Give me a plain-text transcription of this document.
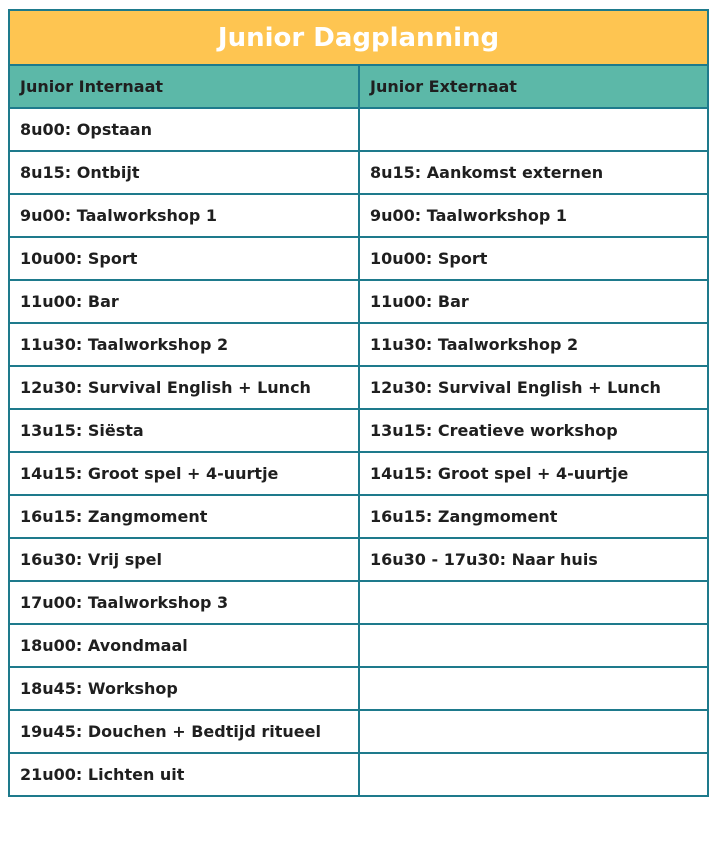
Junior Dagplanning	
Junior Internaat	Junior Externaat
8u00: Opstaan	
8u15: Ontbijt	8u15: Aankomst externen
9u00: Taalworkshop 1	9u00: Taalworkshop 1
10u00: Sport	10u00: Sport
11u00: Bar	11u00: Bar
11u30: Taalworkshop 2	11u30: Taalworkshop 2
12u30: Survival English + Lunch	12u30: Survival English + Lunch
13u15: Siësta	13u15: Creatieve workshop
14u15: Groot spel + 4-uurtje	14u15: Groot spel + 4-uurtje
16u15: Zangmoment	16u15: Zangmoment
16u30: Vrij spel	16u30 - 17u30: Naar huis
17u00: Taalworkshop 3	
18u00: Avondmaal	
18u45: Workshop	
19u45: Douchen + Bedtijd ritueel	
21u00: Lichten uit	
